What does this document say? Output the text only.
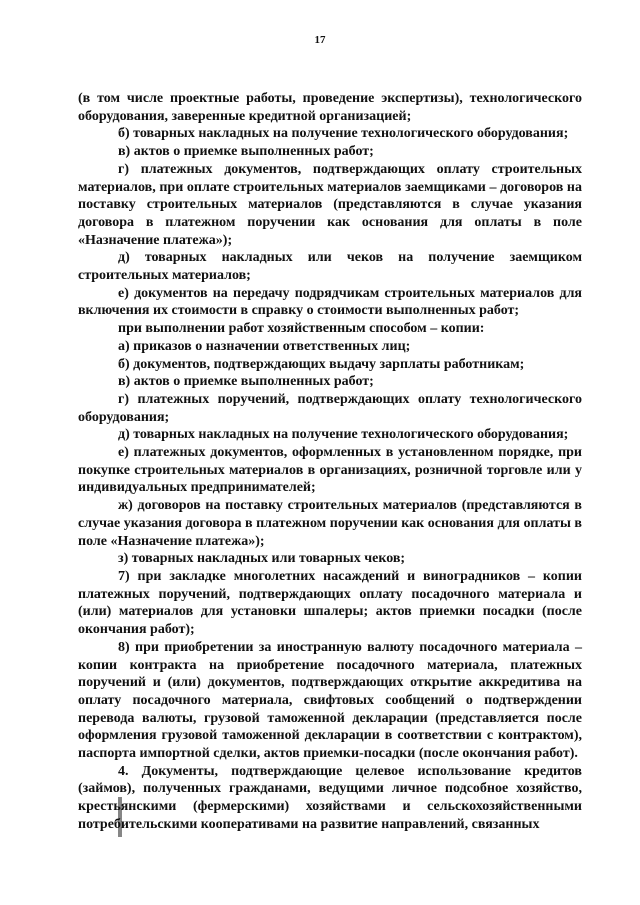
17

(в том числе проектные работы, проведение экспертизы), технологического оборудования, заверенные кредитной организацией;

б) товарных накладных на получение технологического оборудования;

в) актов о приемке выполненных работ;

г) платежных документов, подтверждающих оплату строительных материалов, при оплате строительных материалов заемщиками – договоров на поставку строительных материалов (представляются в случае указания договора в платежном поручении как основания для оплаты в поле «Назначение платежа»);

д) товарных накладных или чеков на получение заемщиком строительных материалов;

е) документов на передачу подрядчикам строительных материалов для включения их стоимости в справку о стоимости выполненных работ;

при выполнении работ хозяйственным способом – копии:

а) приказов о назначении ответственных лиц;

б) документов, подтверждающих выдачу зарплаты работникам;

в) актов о приемке выполненных работ;

г) платежных поручений, подтверждающих оплату технологического оборудования;

д) товарных накладных на получение технологического оборудования;

е) платежных документов, оформленных в установленном порядке, при покупке строительных материалов в организациях, розничной торговле или у индивидуальных предпринимателей;

ж) договоров на поставку строительных материалов (представляются в случае указания договора в платежном поручении как основания для оплаты в поле «Назначение платежа»);

з) товарных накладных или товарных чеков;

7) при закладке многолетних насаждений и виноградников – копии платежных поручений, подтверждающих оплату посадочного материала и (или) материалов для установки шпалеры; актов приемки посадки (после окончания работ);

8) при приобретении за иностранную валюту посадочного материала – копии контракта на приобретение посадочного материала, платежных поручений и (или) документов, подтверждающих открытие аккредитива на оплату посадочного материала, свифтовых сообщений о подтверждении перевода валюты, грузовой таможенной декларации (представляется после оформления грузовой таможенной декларации в соответствии с контрактом), паспорта импортной сделки, актов приемки-посадки (после окончания работ).

4. Документы, подтверждающие целевое использование кредитов (займов), полученных гражданами, ведущими личное подсобное хозяйство, крестьянскими (фермерскими) хозяйствами и сельскохозяйственными потребительскими кооперативами на развитие направлений, связанных
